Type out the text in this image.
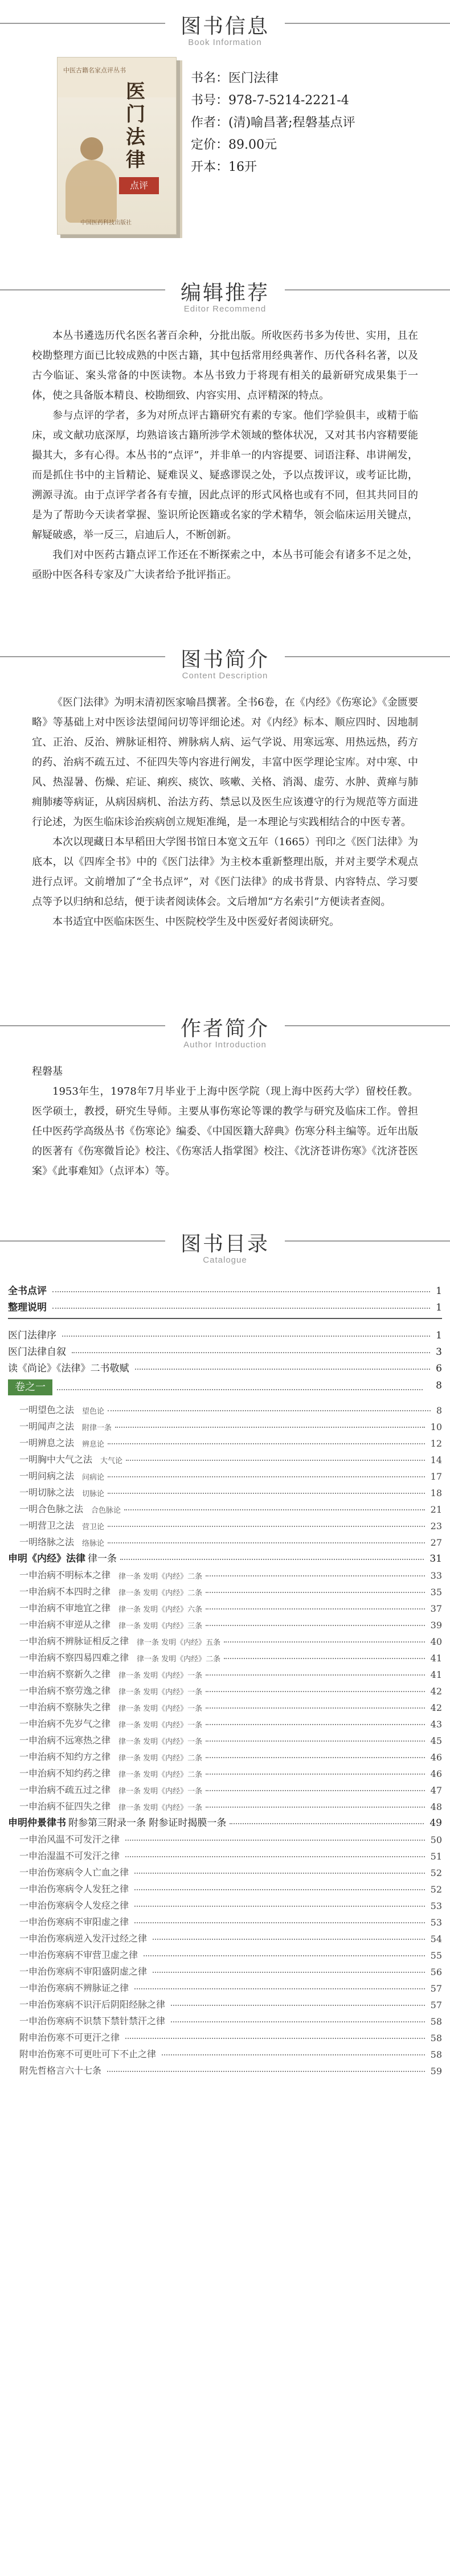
图书信息
Book Information
中医古籍名家点评丛书
医门法律
点评
中国医药科技出版社
书名：医门法律
书号：978-7-5214-2221-4
作者：(清)喻昌著;程磐基点评
定价：89.00元
开本：16开
编辑推荐
Editor Recommend

本丛书遴选历代名医名著百余种，分批出版。所收医药书多为传世、实用，且在校勘整理方面已比较成熟的中医古籍，其中包括常用经典著作、历代各科名著，以及古今临证、案头常备的中医读物。本丛书致力于将现有相关的最新研究成果集于一体，使之具备版本精良、校勘细致、内容实用、点评精深的特点。

参与点评的学者，多为对所点评古籍研究有素的专家。他们学验俱丰，或精于临床，或文献功底深厚，均熟谙该古籍所涉学术领域的整体状况，又对其书内容精要能撮其大，多有心得。本丛书的“点评”，并非单一的内容提要、词语注释、串讲阐发，而是抓住书中的主旨精论、疑难误义、疑惑谬误之处，予以点拨评议，或考证比勘，溯源寻流。由于点评学者各有专擅，因此点评的形式风格也或有不同，但其共同目的是为了帮助今天读者掌握、鉴识所论医籍或名家的学术精华，领会临床运用关键点，解疑破惑，举一反三，启迪后人，不断创新。

我们对中医药古籍点评工作还在不断探索之中，本丛书可能会有诸多不足之处，亟盼中医各科专家及广大读者给予批评指正。

图书简介
Content Description

《医门法律》为明末清初医家喻昌撰著。全书6卷，在《内经》《伤寒论》《金匮要略》等基础上对中医诊法望闻问切等评细论述。对《内经》标本、顺应四时、因地制宜、正治、反治、辨脉证相符、辨脉病人病、运气学说、用寒远寒、用热远热，药方的药、治病不疏五过、不征四失等内容进行阐发，丰富中医学理论宝库。对中寒、中风、热湿暑、伤燥、疟证、痢疾、痰饮、咳嗽、关格、消渴、虚劳、水肿、黄瘅与肺痈肺痿等病证，从病因病机、治法方药、禁忌以及医生应该遵守的行为规范等方面进行论述，为医生临床诊治疾病创立规矩准绳，是一本理论与实践相结合的中医专著。

本次以现藏日本早稻田大学图书馆日本宽文五年（1665）刊印之《医门法律》为底本，以《四库全书》中的《医门法律》为主校本重新整理出版，并对主要学术观点进行点评。文前增加了“全书点评”，对《医门法律》的成书背景、内容特点、学习要点等予以归纳和总结，便于读者阅读体会。文后增加“方名索引”方便读者查阅。

本书适宜中医临床医生、中医院校学生及中医爱好者阅读研究。

作者简介
Author Introduction
程磐基

1953年生，1978年7月毕业于上海中医学院（现上海中医药大学）留校任教。医学硕士，教授，研究生导师。主要从事伤寒论等课的教学与研究及临床工作。曾担任中医药学高级丛书《伤寒论》编委、《中国医籍大辞典》伤寒分科主编等。近年出版的医著有《伤寒微旨论》校注、《伤寒活人指掌图》校注、《沈济苍讲伤寒》《沈济苍医案》《此事难知》（点评本）等。

图书目录
Catalogue
全书点评	1
整理说明	1
医门法律序	1
医门法律自叙	3
读《尚论》《法律》二书敬赋	6
卷之一	8
一明望色之法	望色论	8
一明闻声之法	附律一条	10
一明辨息之法	辨息论	12
一明胸中大气之法	大气论	14
一明问病之法	问病论	17
一明切脉之法	切脉论	18
一明合色脉之法	合色脉论	21
一明营卫之法	营卫论	23
一明络脉之法	络脉论	27
申明《内经》法律 律一条	31
一申治病不明标本之律	律一条 发明《内经》二条	33
一申治病不本四时之律	律一条 发明《内经》二条	35
一申治病不审地宜之律	律一条 发明《内经》六条	37
一申治病不审逆从之律	律一条 发明《内经》三条	39
一申治病不辨脉证相反之律	律一条 发明《内经》五条	40
一申治病不察四易四难之律	律一条 发明《内经》二条	41
一申治病不察新久之律	律一条 发明《内经》一条	41
一申治病不察劳逸之律	律一条 发明《内经》一条	42
一申治病不察脉失之律	律一条 发明《内经》一条	42
一申治病不先岁气之律	律一条 发明《内经》一条	43
一申治病不远寒热之律	律一条 发明《内经》一条	45
一申治病不知约方之律	律一条 发明《内经》二条	46
一申治病不知约药之律	律一条 发明《内经》二条	46
一申治病不疏五过之律	律一条 发明《内经》一条	47
一申治病不征四失之律	律一条 发明《内经》一条	48
申明仲景律书 附参第三附录一条 附参证时揭膜一条	49
一申治风温不可发汗之律	50
一申治湿温不可发汗之律	51
一申治伤寒病令人亡血之律	52
一申治伤寒病令人发狂之律	52
一申治伤寒病令人发痉之律	53
一申治伤寒病不审阳虚之律	53
一申治伤寒病逆入发汗过经之律	54
一申治伤寒病不审营卫虚之律	55
一申治伤寒病不审阳盛阴虚之律	56
一申治伤寒病不辨脉证之律	57
一申治伤寒病不识汗后阴阳经脉之律	57
一申治伤寒病不识禁下禁针禁汗之律	58
附申治伤寒不可更汗之律	58
附申治伤寒不可更吐可下不止之律	58
附先哲格言六十七条	59
